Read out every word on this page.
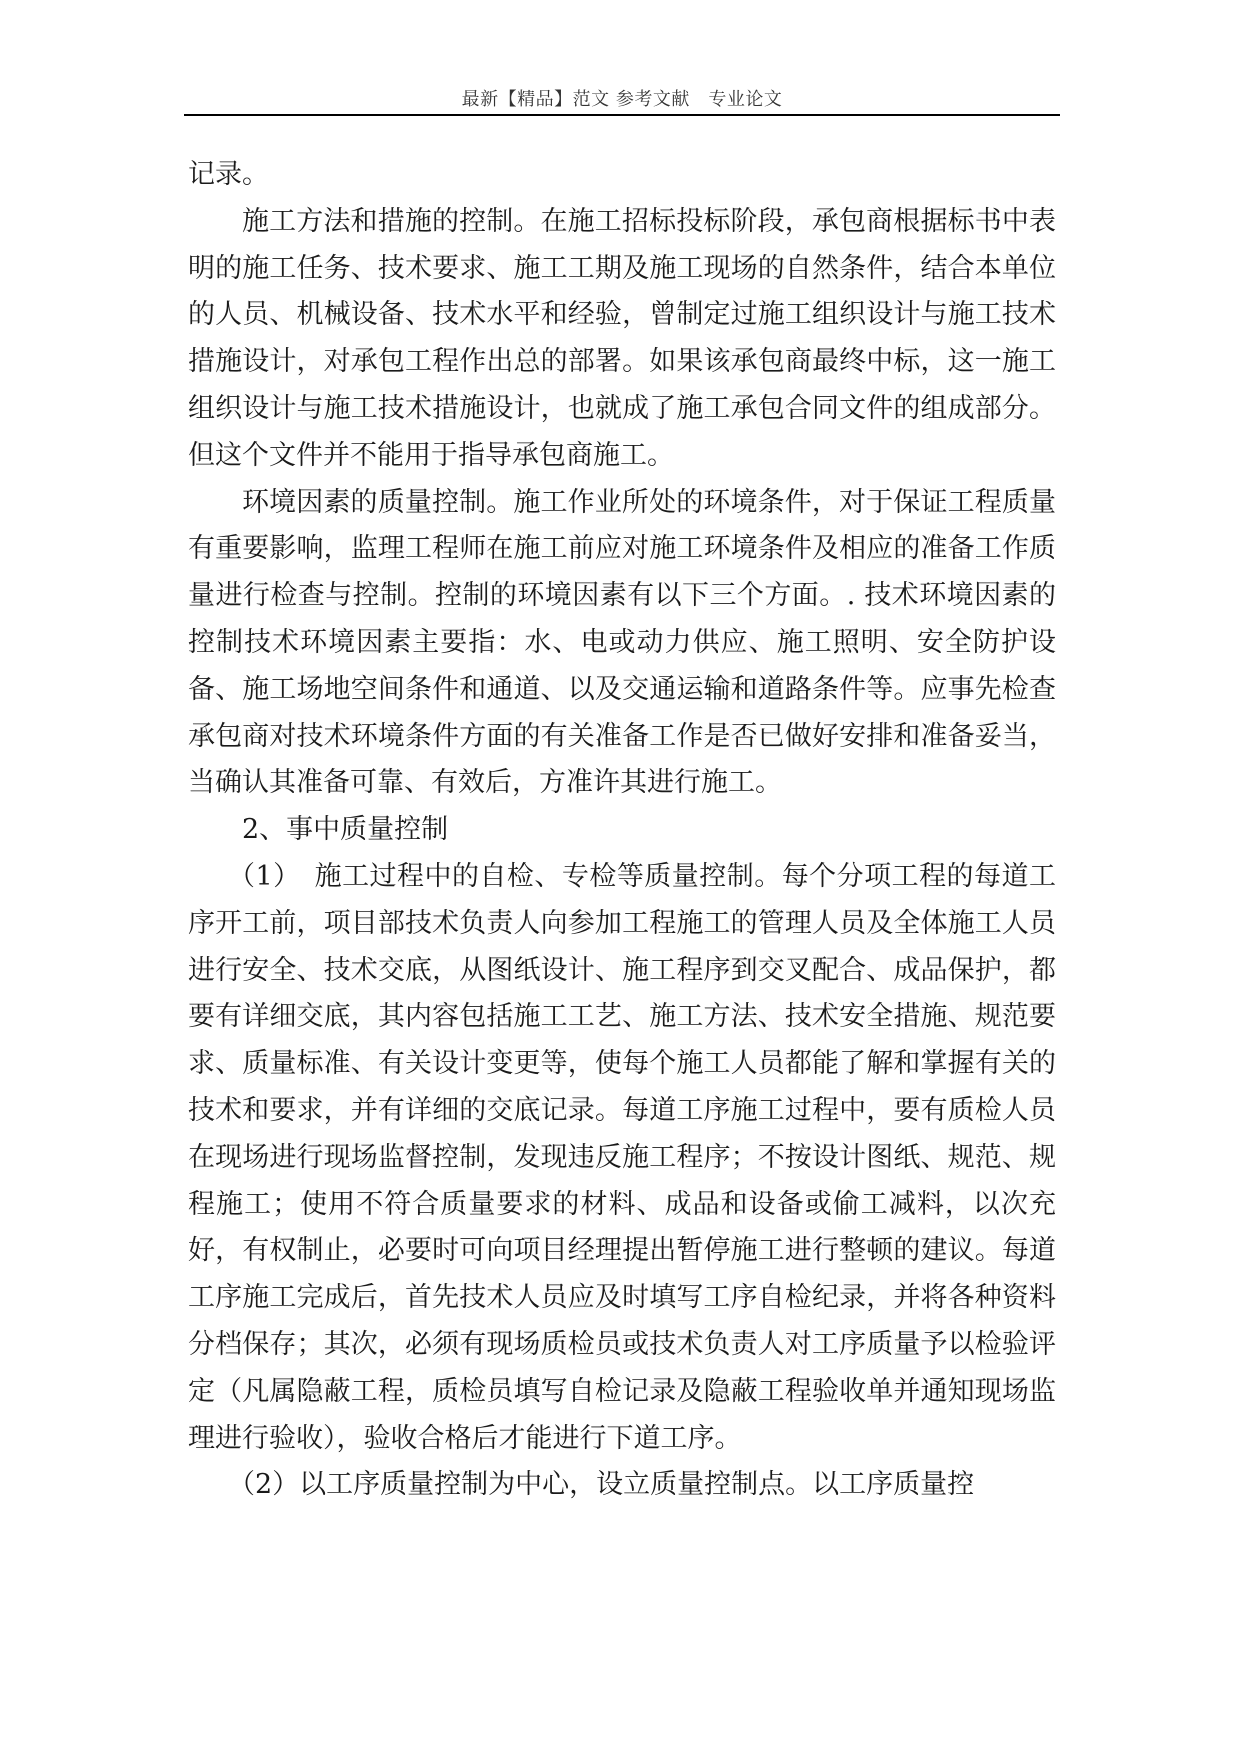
最新【精品】范文 参考文献　专业论文

记录。

施工方法和措施的控制。在施工招标投标阶段，承包商根据标书中表明的施工任务、技术要求、施工工期及施工现场的自然条件，结合本单位的人员、机械设备、技术水平和经验，曾制定过施工组织设计与施工技术措施设计，对承包工程作出总的部署。如果该承包商最终中标，这一施工组织设计与施工技术措施设计，也就成了施工承包合同文件的组成部分。但这个文件并不能用于指导承包商施工。

环境因素的质量控制。施工作业所处的环境条件，对于保证工程质量有重要影响，监理工程师在施工前应对施工环境条件及相应的准备工作质量进行检查与控制。控制的环境因素有以下三个方面。. 技术环境因素的控制技术环境因素主要指：水、电或动力供应、施工照明、安全防护设备、施工场地空间条件和通道、以及交通运输和道路条件等。应事先检查承包商对技术环境条件方面的有关准备工作是否已做好安排和准备妥当，当确认其准备可靠、有效后，方准许其进行施工。

2、事中质量控制

（1）　施工过程中的自检、专检等质量控制。每个分项工程的每道工序开工前，项目部技术负责人向参加工程施工的管理人员及全体施工人员进行安全、技术交底，从图纸设计、施工程序到交叉配合、成品保护，都要有详细交底，其内容包括施工工艺、施工方法、技术安全措施、规范要求、质量标准、有关设计变更等，使每个施工人员都能了解和掌握有关的技术和要求，并有详细的交底记录。每道工序施工过程中，要有质检人员在现场进行现场监督控制，发现违反施工程序；不按设计图纸、规范、规程施工；使用不符合质量要求的材料、成品和设备或偷工减料，以次充好，有权制止，必要时可向项目经理提出暂停施工进行整顿的建议。每道工序施工完成后，首先技术人员应及时填写工序自检纪录，并将各种资料分档保存；其次，必须有现场质检员或技术负责人对工序质量予以检验评定（凡属隐蔽工程，质检员填写自检记录及隐蔽工程验收单并通知现场监理进行验收），验收合格后才能进行下道工序。

（2）以工序质量控制为中心，设立质量控制点。以工序质量控
